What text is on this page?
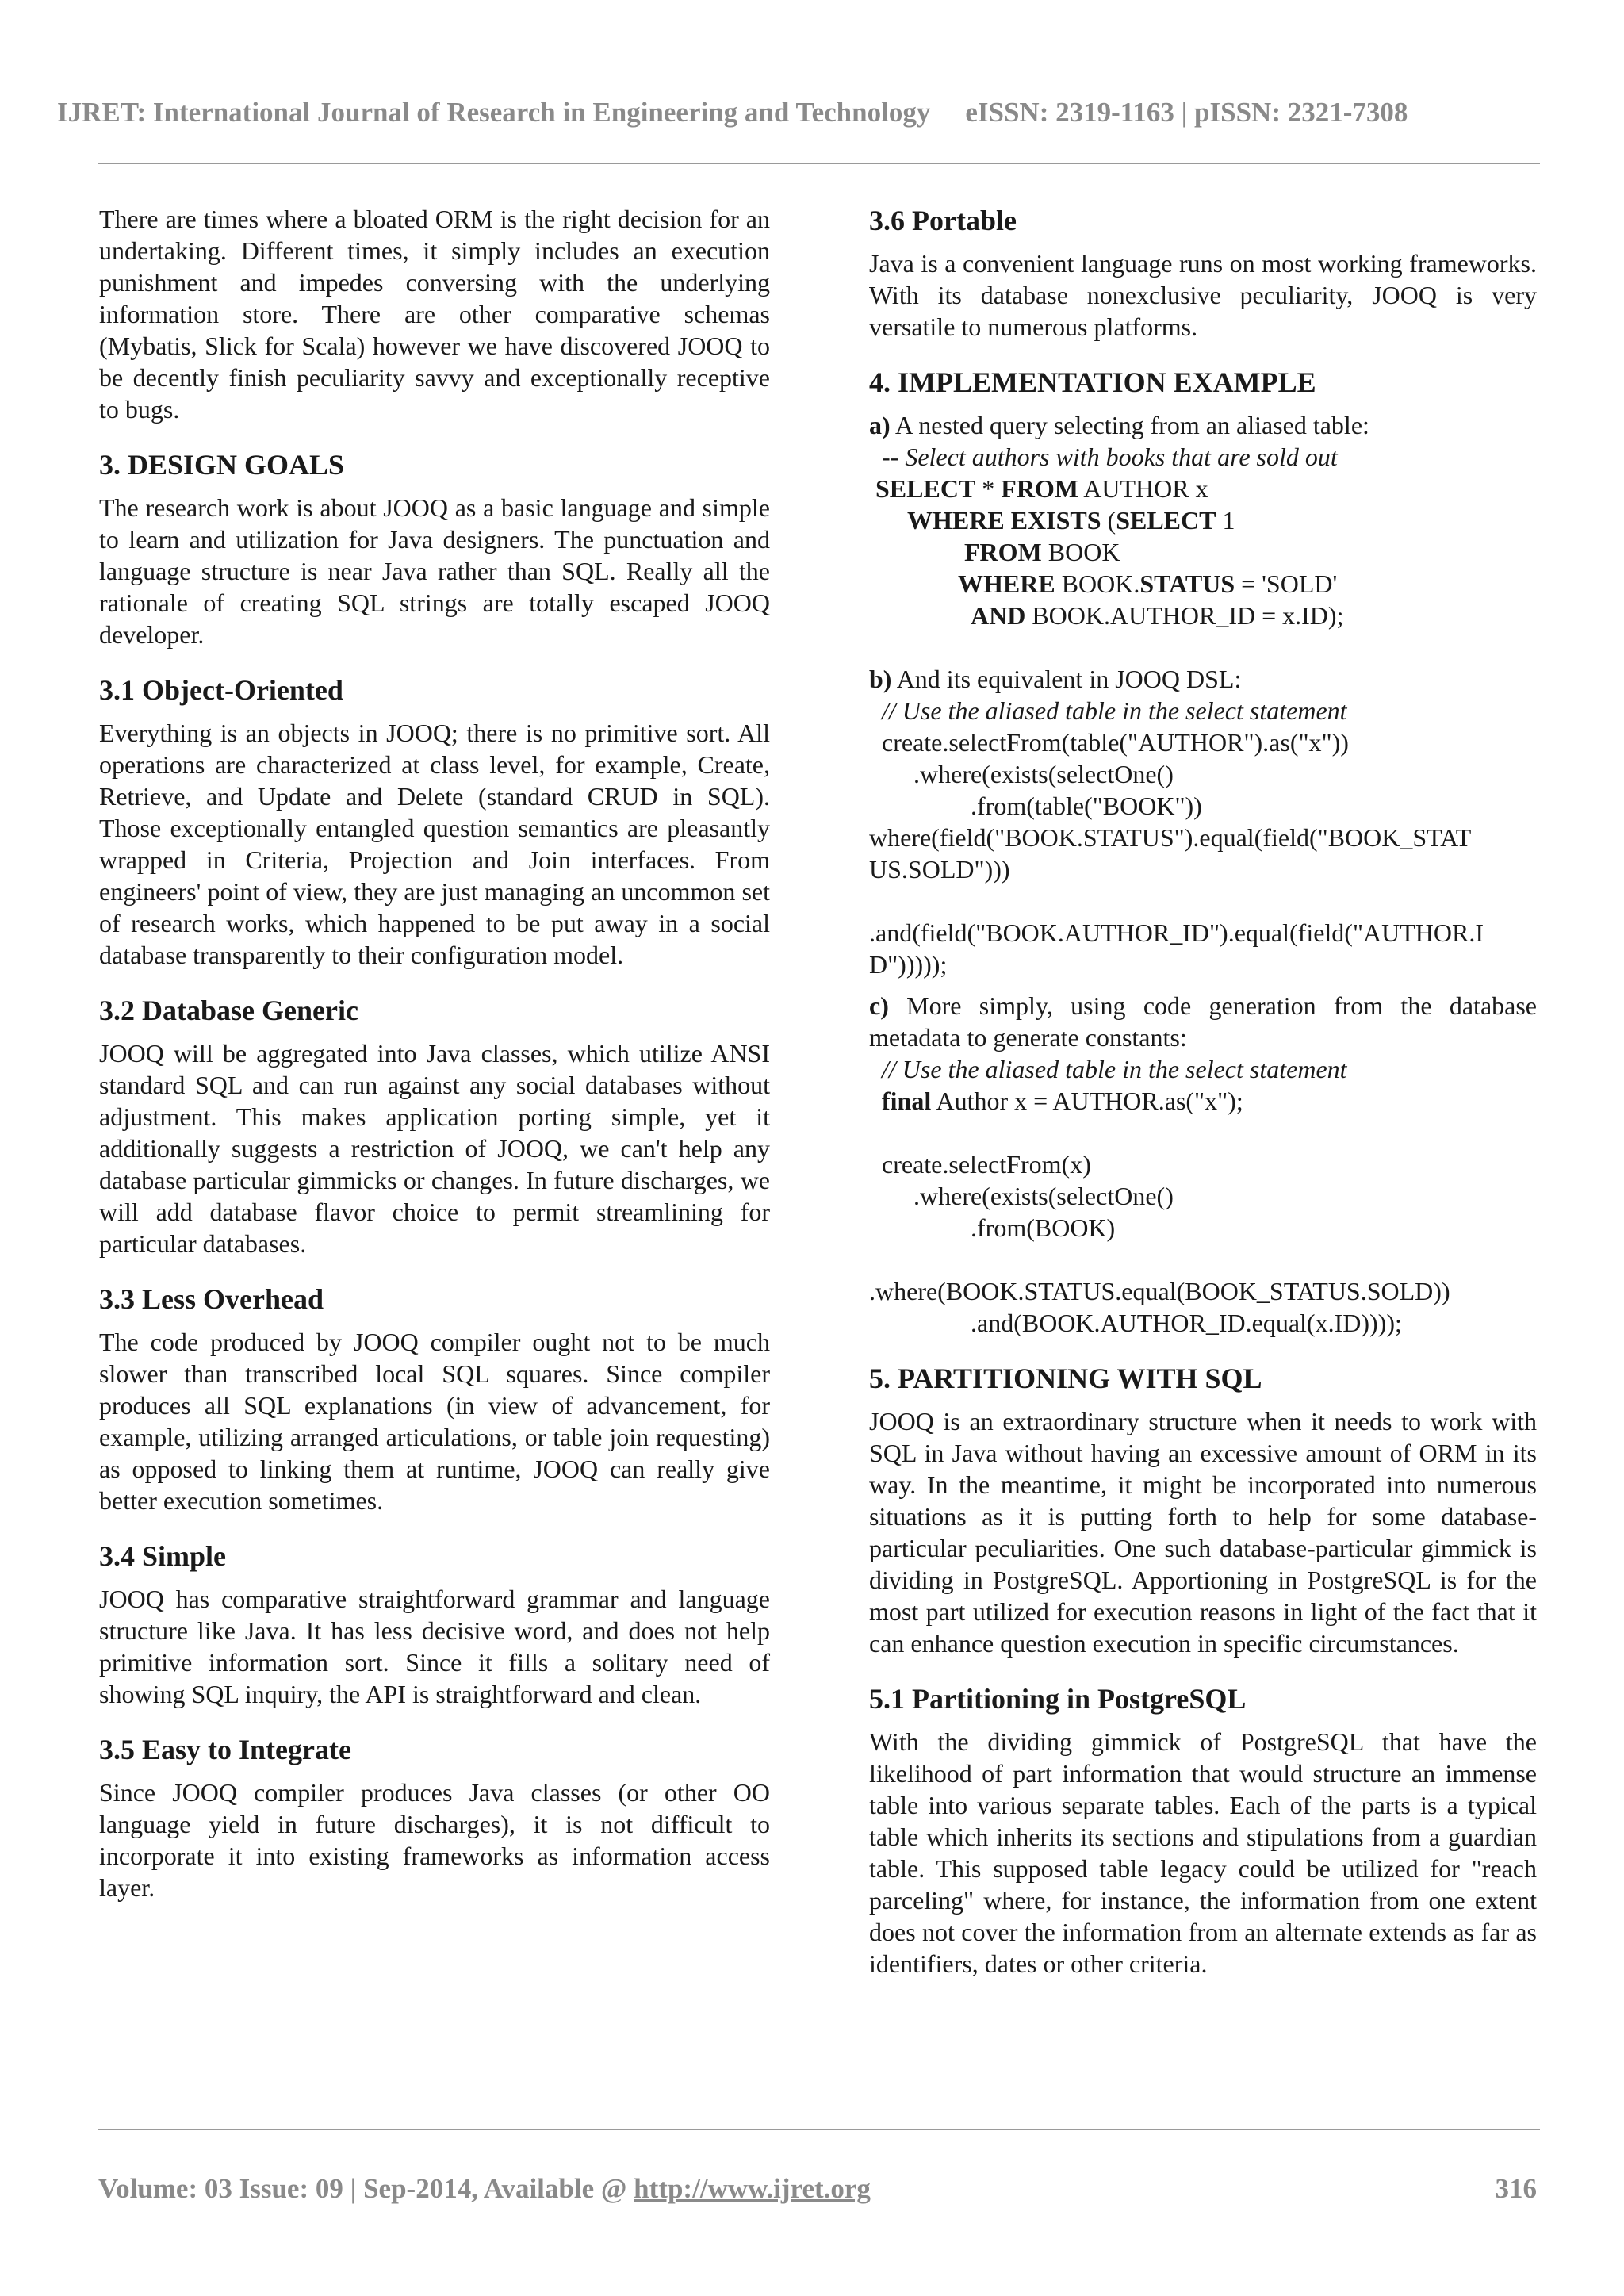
IJRET: International Journal of Research in Engineering and Technology eISSN: 2319-1163 | pISSN: 2321-7308

There are times where a bloated ORM is the right decision for an undertaking. Different times, it simply includes an execution punishment and impedes conversing with the underlying information store. There are other comparative schemas (Mybatis, Slick for Scala) however we have discovered JOOQ to be decently finish peculiarity savvy and exceptionally receptive to bugs.

3. DESIGN GOALS

The research work is about JOOQ as a basic language and simple to learn and utilization for Java designers. The punctuation and language structure is near Java rather than SQL. Really all the rationale of creating SQL strings are totally escaped JOOQ developer.

3.1 Object-Oriented

Everything is an objects in JOOQ; there is no primitive sort. All operations are characterized at class level, for example, Create, Retrieve, and Update and Delete (standard CRUD in SQL). Those exceptionally entangled question semantics are pleasantly wrapped in Criteria, Projection and Join interfaces. From engineers' point of view, they are just managing an uncommon set of research works, which happened to be put away in a social database transparently to their configuration model.

3.2 Database Generic

JOOQ will be aggregated into Java classes, which utilize ANSI standard SQL and can run against any social databases without adjustment. This makes application porting simple, yet it additionally suggests a restriction of JOOQ, we can't help any database particular gimmicks or changes. In future discharges, we will add database flavor choice to permit streamlining for particular databases.

3.3 Less Overhead

The code produced by JOOQ compiler ought not to be much slower than transcribed local SQL squares. Since compiler produces all SQL explanations (in view of advancement, for example, utilizing arranged articulations, or table join requesting) as opposed to linking them at runtime, JOOQ can really give better execution sometimes.

3.4 Simple

JOOQ has comparative straightforward grammar and language structure like Java. It has less decisive word, and does not help primitive information sort. Since it fills a solitary need of showing SQL inquiry, the API is straightforward and clean.

3.5 Easy to Integrate

Since JOOQ compiler produces Java classes (or other OO language yield in future discharges), it is not difficult to incorporate it into existing frameworks as information access layer.

3.6 Portable

Java is a convenient language runs on most working frameworks. With its database nonexclusive peculiarity, JOOQ is very versatile to numerous platforms.

4. IMPLEMENTATION EXAMPLE
a) A nested query selecting from an aliased table:
-- Select authors with books that are sold out
SELECT * FROM AUTHOR x
WHERE EXISTS (SELECT 1
FROM BOOK
WHERE BOOK.STATUS = 'SOLD'
AND BOOK.AUTHOR_ID = x.ID);

b) And its equivalent in JOOQ DSL:
// Use the aliased table in the select statement
create.selectFrom(table("AUTHOR").as("x"))
.where(exists(selectOne()
.from(table("BOOK"))
where(field("BOOK.STATUS").equal(field("BOOK_STAT
US.SOLD")))

.and(field("BOOK.AUTHOR_ID").equal(field("AUTHOR.I
D")))));

c) More simply, using code generation from the database metadata to generate constants:

// Use the aliased table in the select statement
final Author x = AUTHOR.as("x");

create.selectFrom(x)
.where(exists(selectOne()
.from(BOOK)

.where(BOOK.STATUS.equal(BOOK_STATUS.SOLD))
.and(BOOK.AUTHOR_ID.equal(x.ID))));
5. PARTITIONING WITH SQL

JOOQ is an extraordinary structure when it needs to work with SQL in Java without having an excessive amount of ORM in its way. In the meantime, it might be incorporated into numerous situations as it is putting forth to help for some database-particular peculiarities. One such database-particular gimmick is dividing in PostgreSQL. Apportioning in PostgreSQL is for the most part utilized for execution reasons in light of the fact that it can enhance question execution in specific circumstances.

5.1 Partitioning in PostgreSQL

With the dividing gimmick of PostgreSQL that have the likelihood of part information that would structure an immense table into various separate tables. Each of the parts is a typical table which inherits its sections and stipulations from a guardian table. This supposed table legacy could be utilized for "reach parceling" where, for instance, the information from one extent does not cover the information from an alternate extends as far as identifiers, dates or other criteria.

Volume: 03 Issue: 09 | Sep-2014, Available @ http://www.ijret.org	316
